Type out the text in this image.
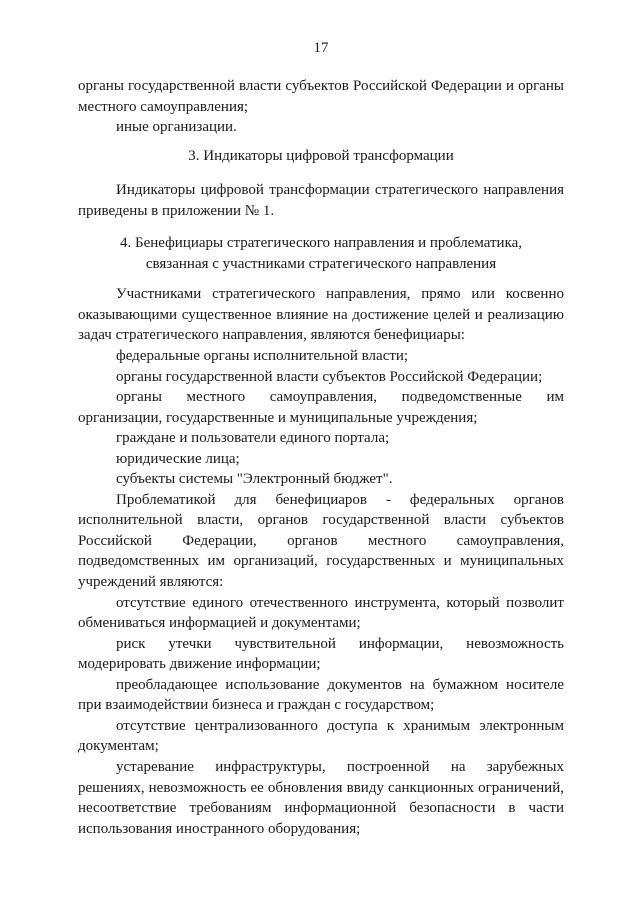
17

органы государственной власти субъектов Российской Федерации и органы местного самоуправления;

иные организации.

3. Индикаторы цифровой трансформации

Индикаторы цифровой трансформации стратегического направления приведены в приложении № 1.

4. Бенефициары стратегического направления и проблематика,

связанная с участниками стратегического направления

Участниками стратегического направления, прямо или косвенно оказывающими существенное влияние на достижение целей и реализацию задач стратегического направления, являются бенефициары:

федеральные органы исполнительной власти;

органы государственной власти субъектов Российской Федерации;

органы местного самоуправления, подведомственные им организации, государственные и муниципальные учреждения;

граждане и пользователи единого портала;

юридические лица;

субъекты системы "Электронный бюджет".

Проблематикой для бенефициаров - федеральных органов исполнительной власти, органов государственной власти субъектов Российской Федерации, органов местного самоуправления, подведомственных им организаций, государственных и муниципальных учреждений являются:

отсутствие единого отечественного инструмента, который позволит обмениваться информацией и документами;

риск утечки чувствительной информации, невозможность модерировать движение информации;

преобладающее использование документов на бумажном носителе при взаимодействии бизнеса и граждан с государством;

отсутствие централизованного доступа к хранимым электронным документам;

устаревание инфраструктуры, построенной на зарубежных решениях, невозможность ее обновления ввиду санкционных ограничений, несоответствие требованиям информационной безопасности в части использования иностранного оборудования;
